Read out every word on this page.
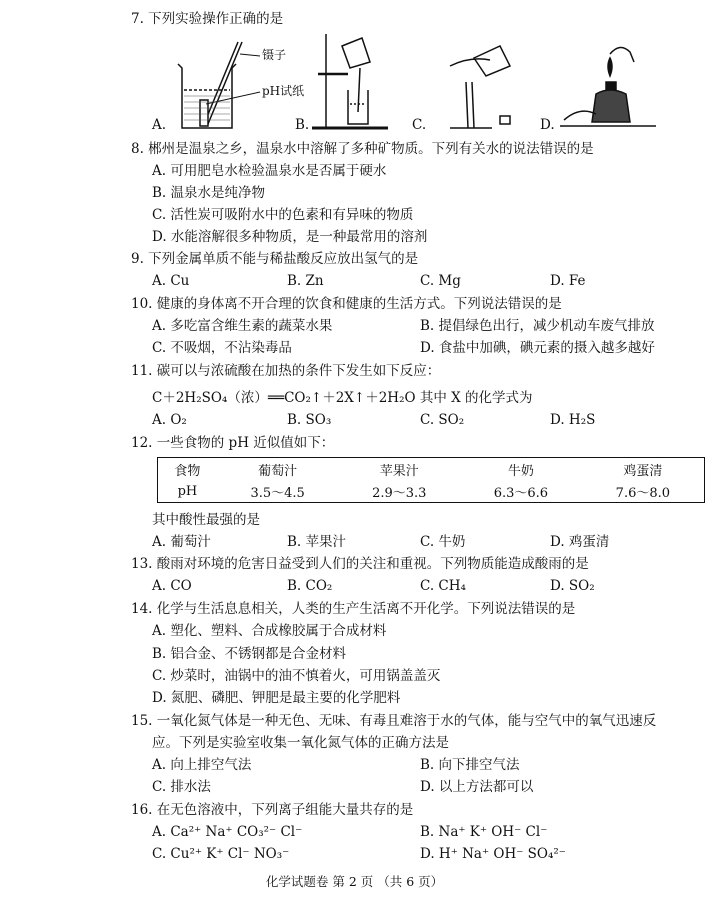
7. 下列实验操作正确的是
镊子
pH试纸
A.	B.	C.	D.
8. 郴州是温泉之乡，温泉水中溶解了多种矿物质。下列有关水的说法错误的是
A. 可用肥皂水检验温泉水是否属于硬水
B. 温泉水是纯净物
C. 活性炭可吸附水中的色素和有异味的物质
D. 水能溶解很多种物质，是一种最常用的溶剂
9. 下列金属单质不能与稀盐酸反应放出氢气的是
A. Cu	B. Zn	C. Mg	D. Fe
10. 健康的身体离不开合理的饮食和健康的生活方式。下列说法错误的是
A. 多吃富含维生素的蔬菜水果	B. 提倡绿色出行，减少机动车废气排放
C. 不吸烟，不沾染毒品	D. 食盐中加碘，碘元素的摄入越多越好
11. 碳可以与浓硫酸在加热的条件下发生如下反应：
C＋2H₂SO₄（浓）══CO₂↑＋2X↑＋2H₂O 其中 X 的化学式为
A. O₂	B. SO₃	C. SO₂	D. H₂S
12. 一些食物的 pH 近似值如下：
食物	葡萄汁	苹果汁	牛奶	鸡蛋清
pH	3.5～4.5	2.9～3.3	6.3～6.6	7.6～8.0
其中酸性最强的是
A. 葡萄汁	B. 苹果汁	C. 牛奶	D. 鸡蛋清
13. 酸雨对环境的危害日益受到人们的关注和重视。下列物质能造成酸雨的是
A. CO	B. CO₂	C. CH₄	D. SO₂
14. 化学与生活息息相关，人类的生产生活离不开化学。下列说法错误的是
A. 塑化、塑料、合成橡胶属于合成材料
B. 铝合金、不锈钢都是合金材料
C. 炒菜时，油锅中的油不慎着火，可用锅盖盖灭
D. 氮肥、磷肥、钾肥是最主要的化学肥料
15. 一氧化氮气体是一种无色、无味、有毒且难溶于水的气体，能与空气中的氧气迅速反
应。下列是实验室收集一氧化氮气体的正确方法是
A. 向上排空气法	B. 向下排空气法
C. 排水法	D. 以上方法都可以
16. 在无色溶液中，下列离子组能大量共存的是
A. Ca²⁺ Na⁺ CO₃²⁻ Cl⁻	B. Na⁺ K⁺ OH⁻ Cl⁻
C. Cu²⁺ K⁺ Cl⁻ NO₃⁻	D. H⁺ Na⁺ OH⁻ SO₄²⁻
化学试题卷 第 2 页 （共 6 页）
